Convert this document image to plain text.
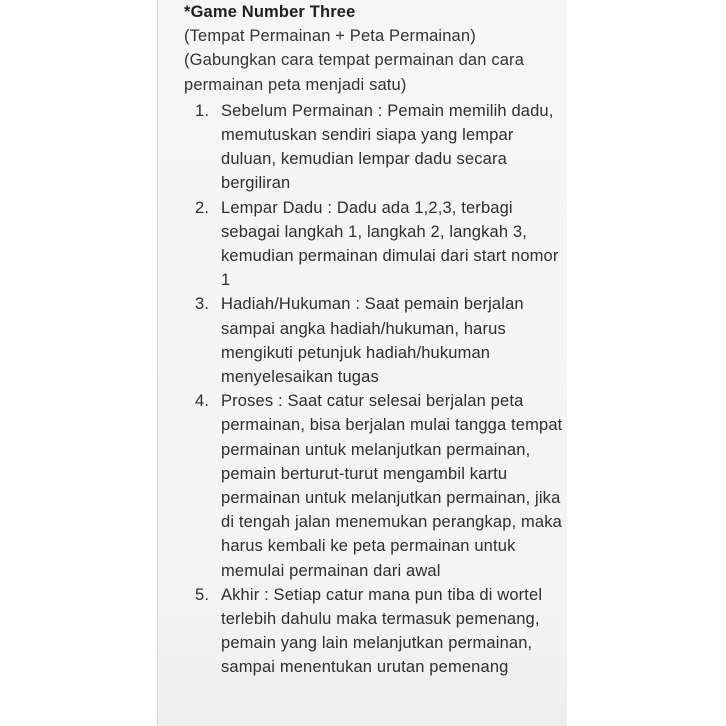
*Game Number Three
(Tempat Permainan + Peta Permainan)
(Gabungkan cara tempat permainan dan cara permainan peta menjadi satu)
1. Sebelum Permainan : Pemain memilih dadu, memutuskan sendiri siapa yang lempar duluan, kemudian lempar dadu secara bergiliran
2. Lempar Dadu : Dadu ada 1,2,3, terbagi sebagai langkah 1, langkah 2, langkah 3, kemudian permainan dimulai dari start nomor 1
3. Hadiah/Hukuman : Saat pemain berjalan sampai angka hadiah/hukuman, harus mengikuti petunjuk hadiah/hukuman menyelesaikan tugas
4. Proses : Saat catur selesai berjalan peta permainan, bisa berjalan mulai tangga tempat permainan untuk melanjutkan permainan, pemain berturut-turut mengambil kartu permainan untuk melanjutkan permainan, jika di tengah jalan menemukan perangkap, maka harus kembali ke peta permainan untuk memulai permainan dari awal
5. Akhir : Setiap catur mana pun tiba di wortel terlebih dahulu maka termasuk pemenang, pemain yang lain melanjutkan permainan, sampai menentukan urutan pemenang
